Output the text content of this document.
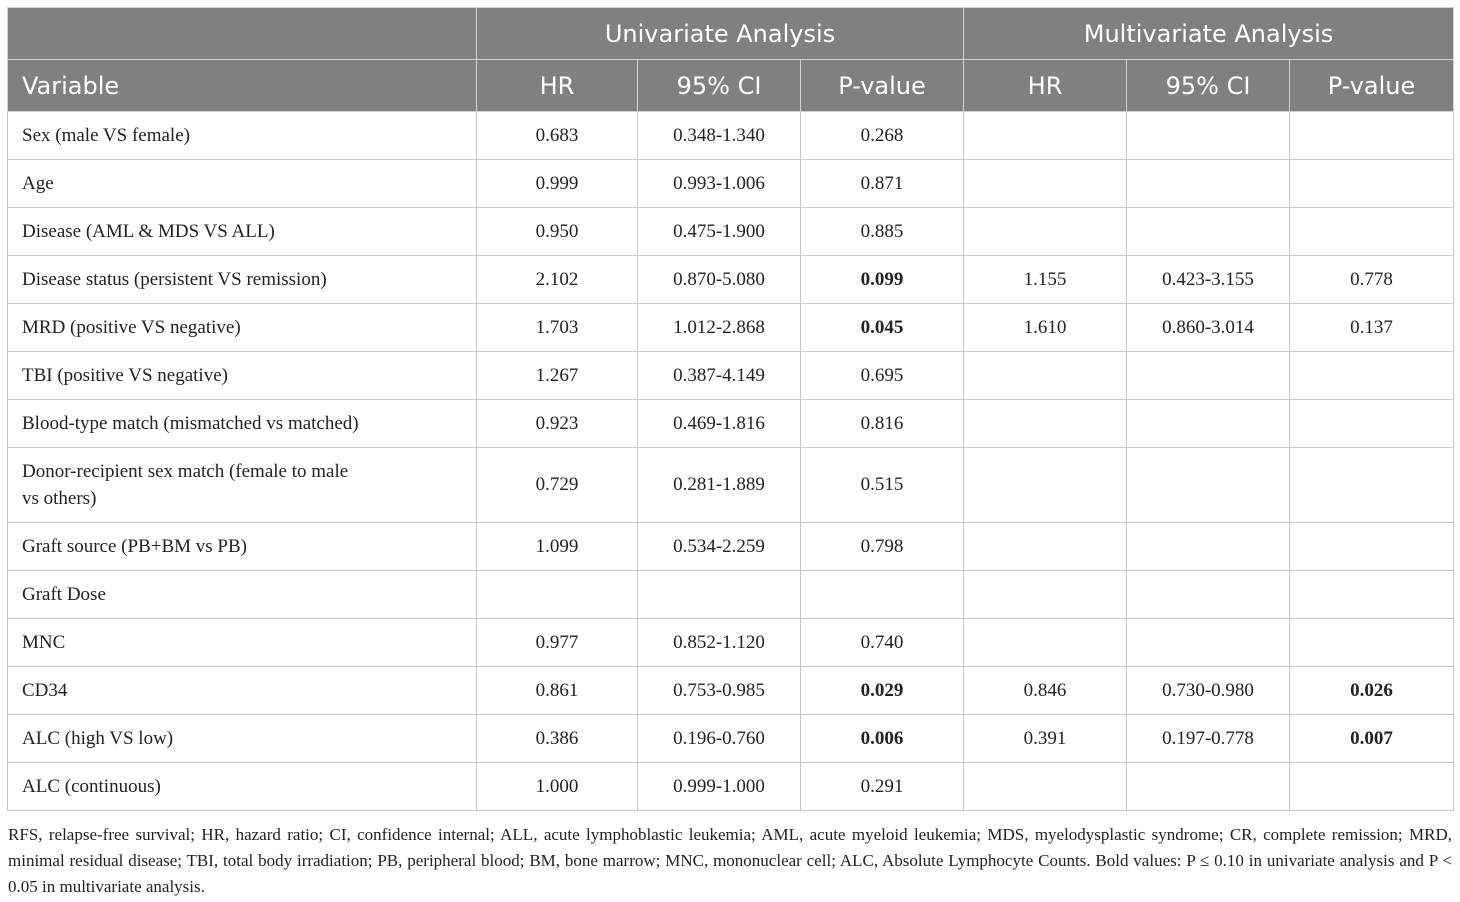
	Univariate Analysis			Multivariate Analysis		
Variable	HR	95% CI	P-value	HR	95% CI	P-value
Sex (male VS female)	0.683	0.348-1.340	0.268			
Age	0.999	0.993-1.006	0.871			
Disease (AML & MDS VS ALL)	0.950	0.475-1.900	0.885			
Disease status (persistent VS remission)	2.102	0.870-5.080	0.099	1.155	0.423-3.155	0.778
MRD (positive VS negative)	1.703	1.012-2.868	0.045	1.610	0.860-3.014	0.137
TBI (positive VS negative)	1.267	0.387-4.149	0.695			
Blood-type match (mismatched vs matched)	0.923	0.469-1.816	0.816			
Donor-recipient sex match (female to male
vs others)	0.729	0.281-1.889	0.515			
Graft source (PB+BM vs PB)	1.099	0.534-2.259	0.798			
Graft Dose						
MNC	0.977	0.852-1.120	0.740			
CD34	0.861	0.753-0.985	0.029	0.846	0.730-0.980	0.026
ALC (high VS low)	0.386	0.196-0.760	0.006	0.391	0.197-0.778	0.007
ALC (continuous)	1.000	0.999-1.000	0.291			

RFS, relapse-free survival; HR, hazard ratio; CI, confidence internal; ALL, acute lymphoblastic leukemia; AML, acute myeloid leukemia; MDS, myelodysplastic syndrome; CR, complete remission; MRD, minimal residual disease; TBI, total body irradiation; PB, peripheral blood; BM, bone marrow; MNC, mononuclear cell; ALC, Absolute Lymphocyte Counts. Bold values: P ≤ 0.10 in univariate analysis and P < 0.05 in multivariate analysis.
